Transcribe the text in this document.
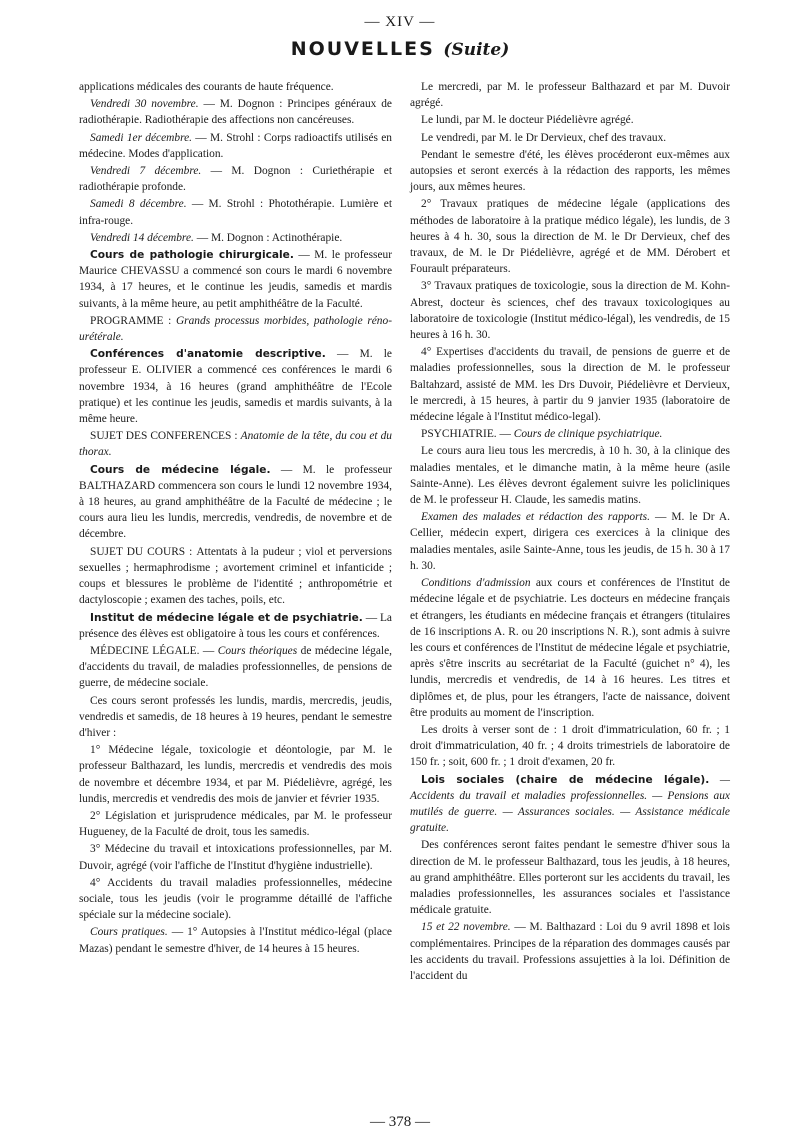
— XIV —
NOUVELLES (Suite)

applications médicales des courants de haute fréquence.

Vendredi 30 novembre. — M. Dognon : Principes généraux de radiothérapie. Radiothérapie des affections non cancéreuses.

Samedi 1er décembre. — M. Strohl : Corps radioactifs utilisés en médecine. Modes d'application.

Vendredi 7 décembre. — M. Dognon : Curiethérapie et radiothérapie profonde.

Samedi 8 décembre. — M. Strohl : Photothérapie. Lumière et infra-rouge.

Vendredi 14 décembre. — M. Dognon : Actinothérapie.

Cours de pathologie chirurgicale. — M. le professeur Maurice CHEVASSU a commencé son cours le mardi 6 novembre 1934, à 17 heures, et le continue les jeudis, samedis et mardis suivants, à la même heure, au petit amphithéâtre de la Faculté.

PROGRAMME : Grands processus morbides, pathologie réno-urétérale.

Conférences d'anatomie descriptive. — M. le professeur E. OLIVIER a commencé ces conférences le mardi 6 novembre 1934, à 16 heures (grand amphithéâtre de l'Ecole pratique) et les continue les jeudis, samedis et mardis suivants, à la même heure.

SUJET DES CONFERENCES : Anatomie de la tête, du cou et du thorax.

Cours de médecine légale. — M. le professeur BALTHAZARD commencera son cours le lundi 12 novembre 1934, à 18 heures, au grand amphithéâtre de la Faculté de médecine ; le cours aura lieu les lundis, mercredis, vendredis, de novembre et de décembre.

SUJET DU COURS : Attentats à la pudeur ; viol et perversions sexuelles ; hermaphrodisme ; avortement criminel et infanticide ; coups et blessures le problème de l'identité ; anthropométrie et dactyloscopie ; examen des taches, poils, etc.

Institut de médecine légale et de psychiatrie. — La présence des élèves est obligatoire à tous les cours et conférences.

MÉDECINE LÉGALE. — Cours théoriques de médecine légale, d'accidents du travail, de maladies professionnelles, de pensions de guerre, de médecine sociale.

Ces cours seront professés les lundis, mardis, mercredis, jeudis, vendredis et samedis, de 18 heures à 19 heures, pendant le semestre d'hiver :

1° Médecine légale, toxicologie et déontologie, par M. le professeur Balthazard, les lundis, mercredis et vendredis des mois de novembre et décembre 1934, et par M. Piédelièvre, agrégé, les lundis, mercredis et vendredis des mois de janvier et février 1935.

2° Législation et jurisprudence médicales, par M. le professeur Hugueney, de la Faculté de droit, tous les samedis.

3° Médecine du travail et intoxications professionnelles, par M. Duvoir, agrégé (voir l'affiche de l'Institut d'hygiène industrielle).

4° Accidents du travail maladies professionnelles, médecine sociale, tous les jeudis (voir le programme détaillé de l'affiche spéciale sur la médecine sociale).

Cours pratiques. — 1° Autopsies à l'Institut médico-légal (place Mazas) pendant le semestre d'hiver, de 14 heures à 15 heures.

Le mercredi, par M. le professeur Balthazard et par M. Duvoir agrégé.

Le lundi, par M. le docteur Piédelièvre agrégé.

Le vendredi, par M. le Dr Dervieux, chef des travaux.

Pendant le semestre d'été, les élèves procéderont eux-mêmes aux autopsies et seront exercés à la rédaction des rapports, les mêmes jours, aux mêmes heures.

2° Travaux pratiques de médecine légale (applications des méthodes de laboratoire à la pratique médico légale), les lundis, de 3 heures à 4 h. 30, sous la direction de M. le Dr Dervieux, chef des travaux, de M. le Dr Piédelièvre, agrégé et de MM. Dérobert et Fourault préparateurs.

3° Travaux pratiques de toxicologie, sous la direction de M. Kohn-Abrest, docteur ès sciences, chef des travaux toxicologiques au laboratoire de toxicologie (Institut médico-légal), les vendredis, de 15 heures à 16 h. 30.

4° Expertises d'accidents du travail, de pensions de guerre et de maladies professionnelles, sous la direction de M. le professeur Baltahzard, assisté de MM. les Drs Duvoir, Piédelièvre et Dervieux, le mercredi, à 15 heures, à partir du 9 janvier 1935 (laboratoire de médecine légale à l'Institut médico-legal).

PSYCHIATRIE. — Cours de clinique psychiatrique.

Le cours aura lieu tous les mercredis, à 10 h. 30, à la clinique des maladies mentales, et le dimanche matin, à la même heure (asile Sainte-Anne). Les élèves devront également suivre les policliniques de M. le professeur H. Claude, les samedis matins.

Examen des malades et rédaction des rapports. — M. le Dr A. Cellier, médecin expert, dirigera ces exercices à la clinique des maladies mentales, asile Sainte-Anne, tous les jeudis, de 15 h. 30 à 17 h. 30.

Conditions d'admission aux cours et conférences de l'Institut de médecine légale et de psychiatrie. Les docteurs en médecine français et étrangers, les étudiants en médecine français et étrangers (titulaires de 16 inscriptions A. R. ou 20 inscriptions N. R.), sont admis à suivre les cours et conférences de l'Institut de médecine légale et psychiatrie, après s'être inscrits au secrétariat de la Faculté (guichet n° 4), les lundis, mercredis et vendredis, de 14 à 16 heures. Les titres et diplômes et, de plus, pour les étrangers, l'acte de naissance, doivent être produits au moment de l'inscription.

Les droits à verser sont de : 1 droit d'immatriculation, 60 fr. ; 1 droit d'immatriculation, 40 fr. ; 4 droits trimestriels de laboratoire de 150 fr. ; soit, 600 fr. ; 1 droit d'examen, 20 fr.

Lois sociales (chaire de médecine légale). — Accidents du travail et maladies professionnelles. — Pensions aux mutilés de guerre. — Assurances sociales. — Assistance médicale gratuite.

Des conférences seront faites pendant le semestre d'hiver sous la direction de M. le professeur Balthazard, tous les jeudis, à 18 heures, au grand amphithéâtre. Elles porteront sur les accidents du travail, les maladies professionnelles, les assurances sociales et l'assistance médicale gratuite.

15 et 22 novembre. — M. Balthazard : Loi du 9 avril 1898 et lois complémentaires. Principes de la réparation des dommages causés par les accidents du travail. Professions assujetties à la loi. Définition de l'accident du

— 378 —
